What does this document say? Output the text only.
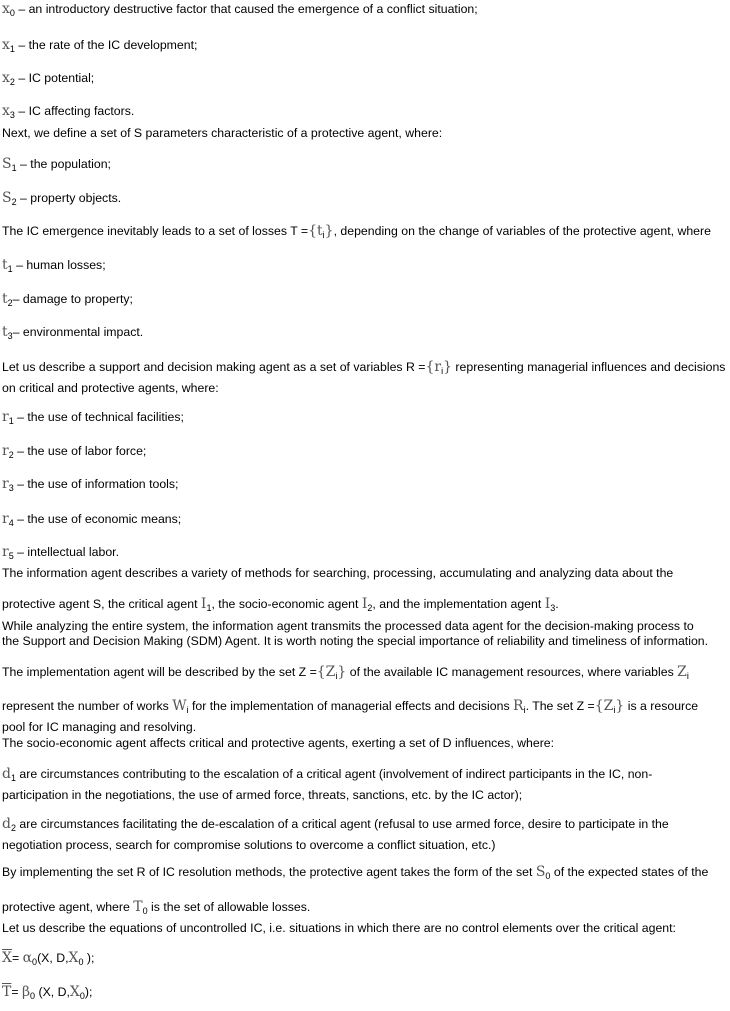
$x_0$ – an introductory destructive factor that caused the emergence of a conflict situation;
$x_1$ – the rate of the IC development;
$x_2$ – IC potential;
$x_3$ – IC affecting factors.
Next, we define a set of S parameters characteristic of a protective agent, where:
$S_1$ – the population;
$S_2$ – property objects.
The IC emergence inevitably leads to a set of losses $T =\{t_i\}$, depending on the change of variables of the protective agent, where
$t_1$ – human losses;
$t_2-$ damage to property;
$t_3-$ environmental impact.
Let us describe a support and decision making agent as a set of variables $R =\{r_i\}$ representing managerial influences and decisions
on critical and protective agents, where:
$r_1$ – the use of technical facilities;
$r_2$ – the use of labor force;
$r_3$ – the use of information tools;
$r_4$ – the use of economic means;
$r_5$ – intellectual labor.
The information agent describes a variety of methods for searching, processing, accumulating and analyzing data about the
protective agent S, the critical agent $I_1$, the socio-economic agent $I_2$, and the implementation agent $I_3$.
While analyzing the entire system, the information agent transmits the processed data agent for the decision-making process to
the Support and Decision Making (SDM) Agent. It is worth noting the special importance of reliability and timeliness of information.
The implementation agent will be described by the set $Z =\{Z_i\}$ of the available IC management resources, where variables $Z_i$
represent the number of works $W_i$ for the implementation of managerial effects and decisions $R_i$. The set $Z =\{Z_i\}$ is a resource
pool for IC managing and resolving.
The socio-economic agent affects critical and protective agents, exerting a set of D influences, where:
$d_1$ are circumstances contributing to the escalation of a critical agent (involvement of indirect participants in the IC, non-
participation in the negotiations, the use of armed force, threats, sanctions, etc. by the IC actor);
$d_2$ are circumstances facilitating the de-escalation of a critical agent (refusal to use armed force, desire to participate in the
negotiation process, search for compromise solutions to overcome a conflict situation, etc.)
By implementing the set R of IC resolution methods, the protective agent takes the form of the set $S_0$ of the expected states of the
protective agent, where $T_0$ is the set of allowable losses.
Let us describe the equations of uncontrolled IC, i.e. situations in which there are no control elements over the critical agent:
$\overline{X}= \alpha_0(X$, $D,X_0$ );
$\overline{T}= \beta_0$ (X, $D,X_0$);
